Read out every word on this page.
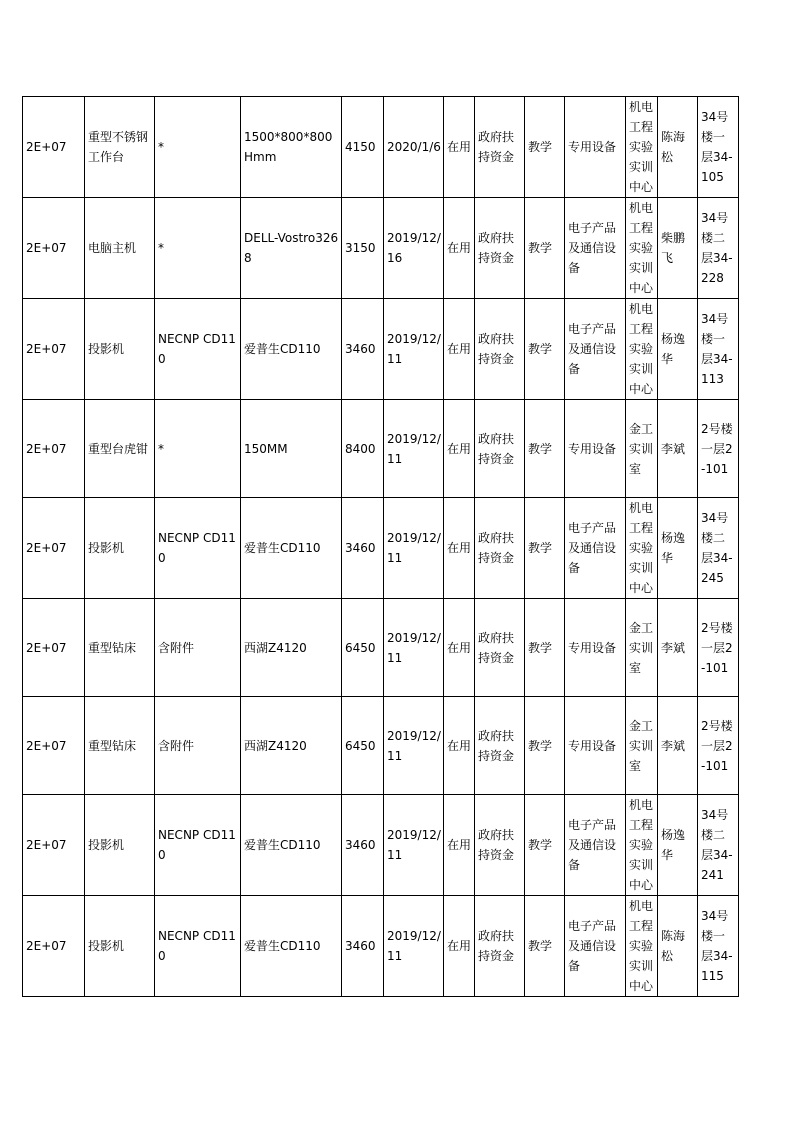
2E+07	重型不锈钢工作台	*	1500*800*800Hmm	4150	2020/1/6	在用	政府扶持资金	教学	专用设备	机电工程实验实训中心	陈海松	34号楼一层34-105
2E+07	电脑主机	*	DELL-Vostro3268	3150	2019/12/16	在用	政府扶持资金	教学	电子产品及通信设备	机电工程实验实训中心	柴鹏飞	34号楼二层34-228
2E+07	投影机	NECNP CD110	爱普生CD110	3460	2019/12/11	在用	政府扶持资金	教学	电子产品及通信设备	机电工程实验实训中心	杨逸华	34号楼一层34-113
2E+07	重型台虎钳	*	150MM	8400	2019/12/11	在用	政府扶持资金	教学	专用设备	金工实训室	李斌	2号楼一层2-101
2E+07	投影机	NECNP CD110	爱普生CD110	3460	2019/12/11	在用	政府扶持资金	教学	电子产品及通信设备	机电工程实验实训中心	杨逸华	34号楼二层34-245
2E+07	重型钻床	含附件	西湖Z4120	6450	2019/12/11	在用	政府扶持资金	教学	专用设备	金工实训室	李斌	2号楼一层2-101
2E+07	重型钻床	含附件	西湖Z4120	6450	2019/12/11	在用	政府扶持资金	教学	专用设备	金工实训室	李斌	2号楼一层2-101
2E+07	投影机	NECNP CD110	爱普生CD110	3460	2019/12/11	在用	政府扶持资金	教学	电子产品及通信设备	机电工程实验实训中心	杨逸华	34号楼二层34-241
2E+07	投影机	NECNP CD110	爱普生CD110	3460	2019/12/11	在用	政府扶持资金	教学	电子产品及通信设备	机电工程实验实训中心	陈海松	34号楼一层34-115
